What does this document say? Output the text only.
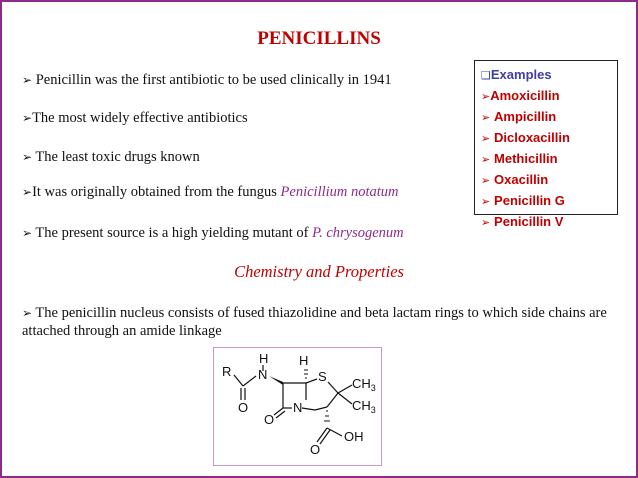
PENICILLINS
➢ Penicillin was the first antibiotic to be used clinically in 1941
➢The most widely effective antibiotics
➢ The least toxic drugs known
➢It was originally obtained from the fungus Penicillium notatum
➢ The present source is a high yielding mutant of P. chrysogenum
Chemistry and Properties
➢ The penicillin nucleus consists of fused thiazolidine and beta lactam rings to which side chains are attached through an amide linkage
❑Examples
➢Amoxicillin
➢ Ampicillin
➢ Dicloxacillin
➢ Methicillin
➢ Oxacillin
➢ Penicillin G
➢ Penicillin V
H H
R N	S $CH_3$
$CH_3$
O	N
O
OH
O
